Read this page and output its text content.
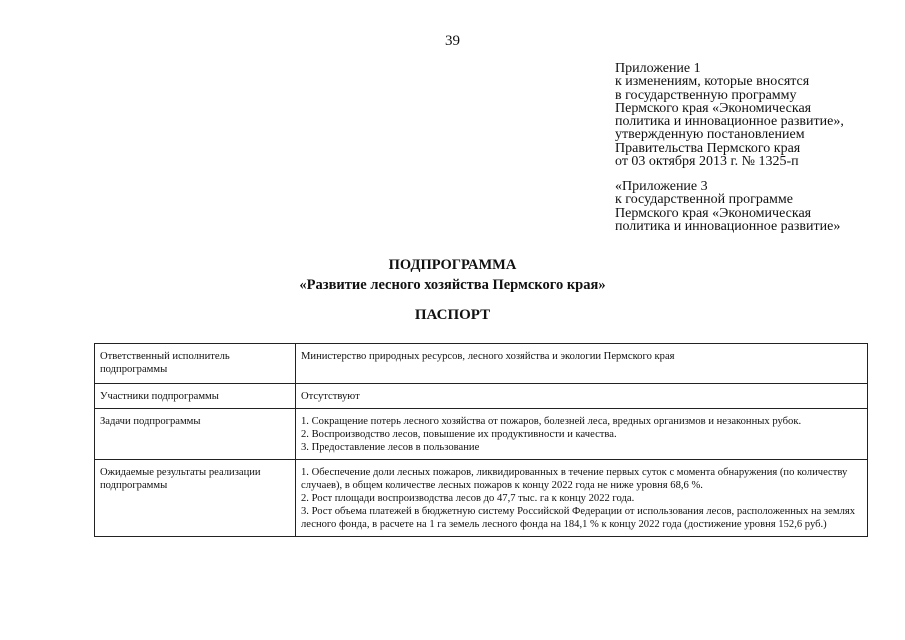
39
Приложение 1
к изменениям, которые вносятся
в государственную программу
Пермского края «Экономическая
политика и инновационное развитие»,
утвержденную постановлением
Правительства Пермского края
от 03 октября 2013 г. № 1325-п
«Приложение 3
к государственной программе
Пермского края «Экономическая
политика и инновационное развитие»
ПОДПРОГРАММА
«Развитие лесного хозяйства Пермского края»
ПАСПОРТ
Ответственный исполнитель подпрограммы	Министерство природных ресурсов, лесного хозяйства и экологии Пермского края

Участники подпрограммы	Отсутствуют

Задачи подпрограммы	1. Сокращение потерь лесного хозяйства от пожаров, болезней леса, вредных организмов и незаконных рубок.
2. Воспроизводство лесов, повышение их продуктивности и качества.
3. Предоставление лесов в пользование

Ожидаемые результаты реализации подпрограммы	1. Обеспечение доли лесных пожаров, ликвидированных в течение первых суток с момента обнаружения (по количеству случаев), в общем количестве лесных пожаров к концу 2022 года не ниже уровня 68,6 %.
2. Рост площади воспроизводства лесов до 47,7 тыс. га к концу 2022 года.
3. Рост объема платежей в бюджетную систему Российской Федерации от использования лесов, расположенных на землях лесного фонда, в расчете на 1 га земель лесного фонда на 184,1 % к концу 2022 года (достижение уровня 152,6 руб.)
